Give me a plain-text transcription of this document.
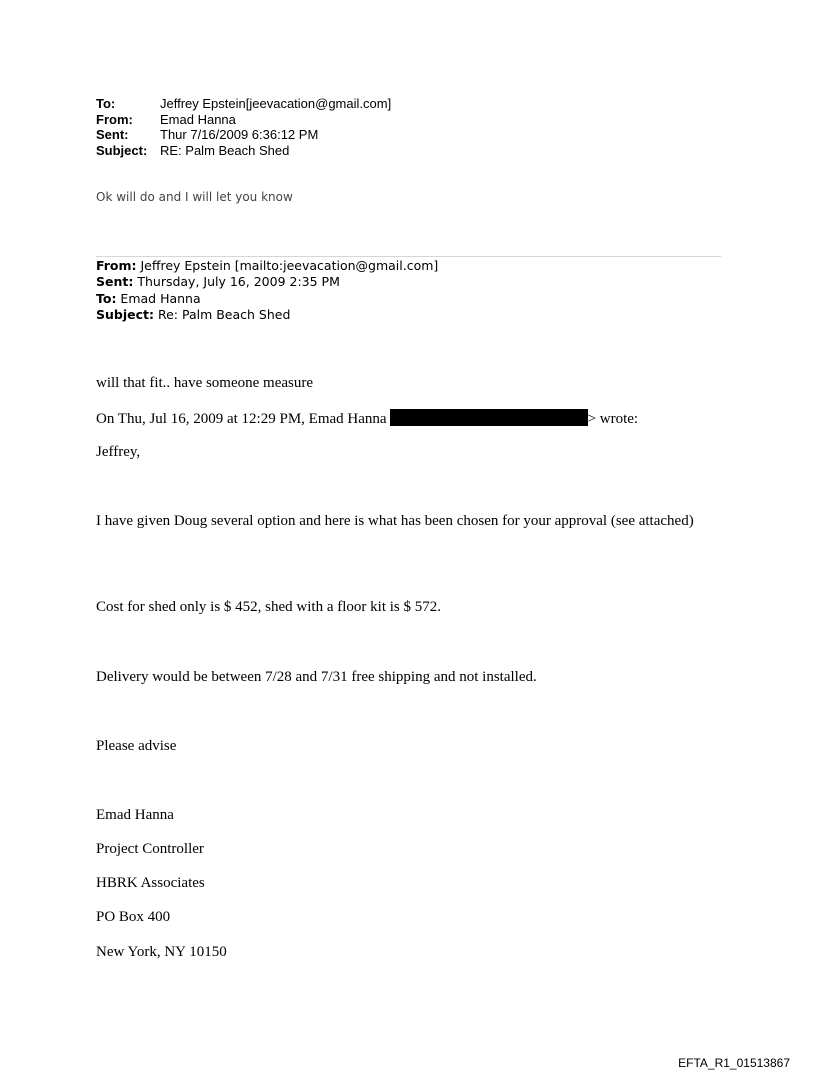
To:	Jeffrey Epstein[jeevacation@gmail.com]
From:	Emad Hanna
Sent:	Thur 7/16/2009 6:36:12 PM
Subject: RE: Palm Beach Shed
Ok will do and I will let you know
From: Jeffrey Epstein [mailto:jeevacation@gmail.com]
Sent: Thursday, July 16, 2009 2:35 PM
To: Emad Hanna
Subject: Re: Palm Beach Shed
will that fit.. have someone measure
On Thu, Jul 16, 2009 at 12:29 PM, Emad Hanna	> wrote:
Jeffrey,
I have given Doug several option and here is what has been chosen for your approval (see attached)
Cost for shed only is $ 452, shed with a floor kit is $ 572.
Delivery would be between 7/28 and 7/31 free shipping and not installed.
Please advise
Emad Hanna
Project Controller
HBRK Associates
PO Box 400
New York, NY 10150
EFTA_R1_01513867
